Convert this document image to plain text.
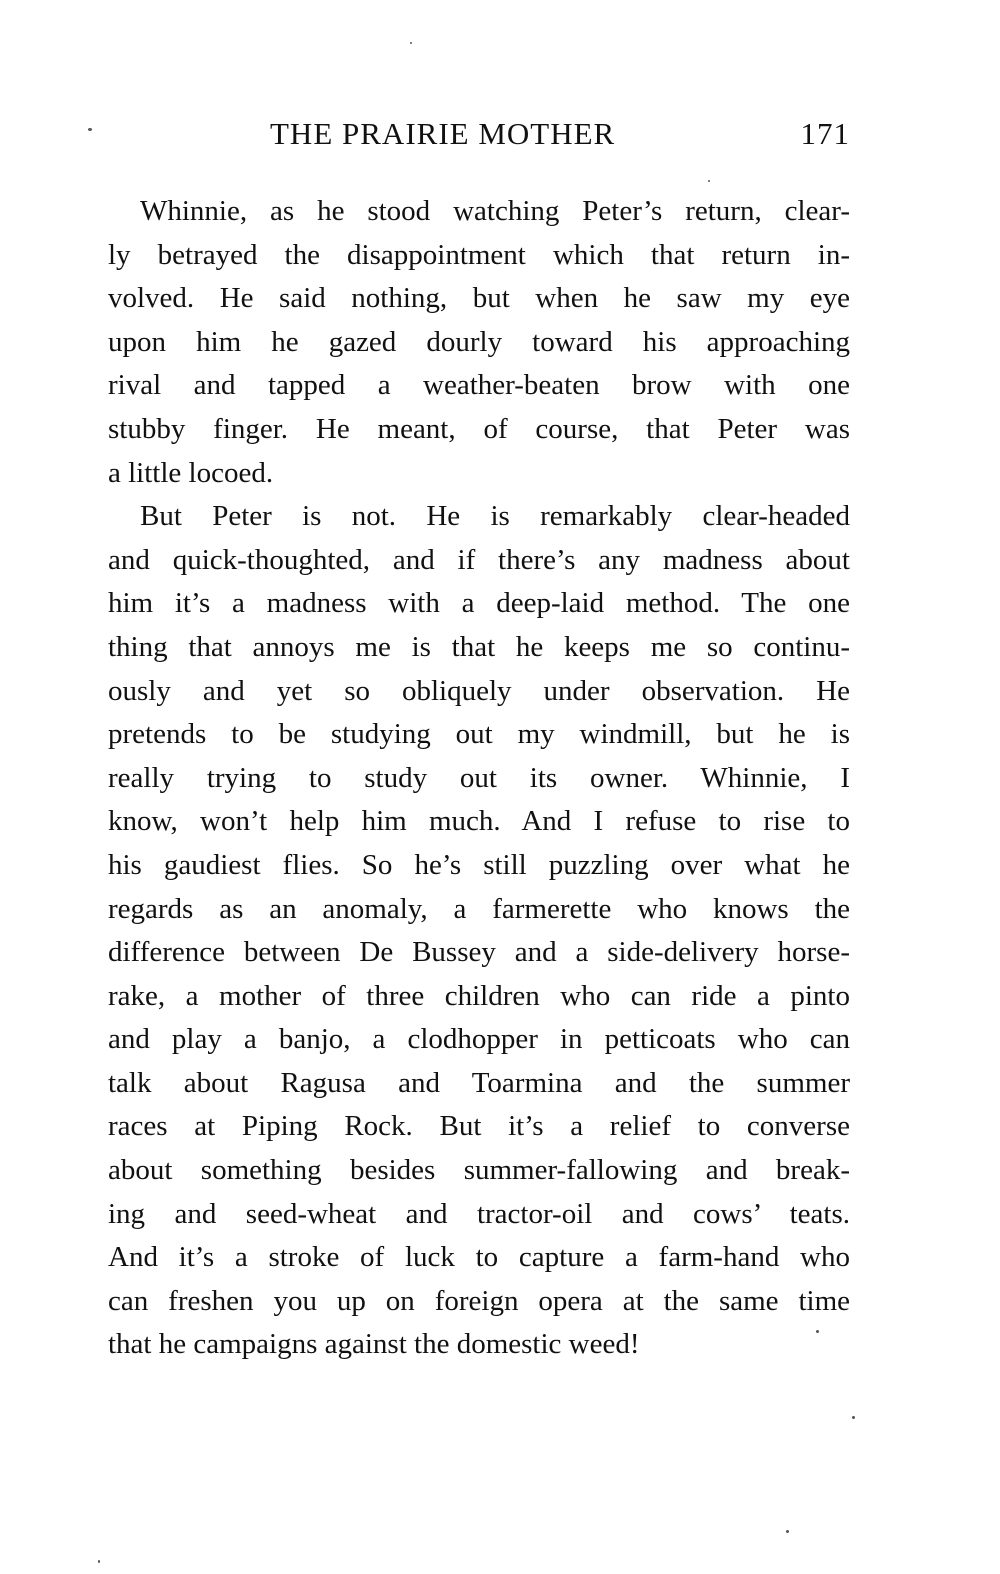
THE PRAIRIE MOTHER	171
Whinnie, as he stood watching Peter’s return, clear-
ly betrayed the disappointment which that return in-
volved. He said nothing, but when he saw my eye
upon him he gazed dourly toward his approaching
rival and tapped a weather-beaten brow with one
stubby finger. He meant, of course, that Peter was
a little locoed.
But Peter is not. He is remarkably clear-headed
and quick-thoughted, and if there’s any madness about
him it’s a madness with a deep-laid method. The one
thing that annoys me is that he keeps me so continu-
ously and yet so obliquely under observation. He
pretends to be studying out my windmill, but he is
really trying to study out its owner. Whinnie, I
know, won’t help him much. And I refuse to rise to
his gaudiest flies. So he’s still puzzling over what he
regards as an anomaly, a farmerette who knows the
difference between De Bussey and a side-delivery horse-
rake, a mother of three children who can ride a pinto
and play a banjo, a clodhopper in petticoats who can
talk about Ragusa and Toarmina and the summer
races at Piping Rock. But it’s a relief to converse
about something besides summer-fallowing and break-
ing and seed-wheat and tractor-oil and cows’ teats.
And it’s a stroke of luck to capture a farm-hand who
can freshen you up on foreign opera at the same time
that he campaigns against the domestic weed!
